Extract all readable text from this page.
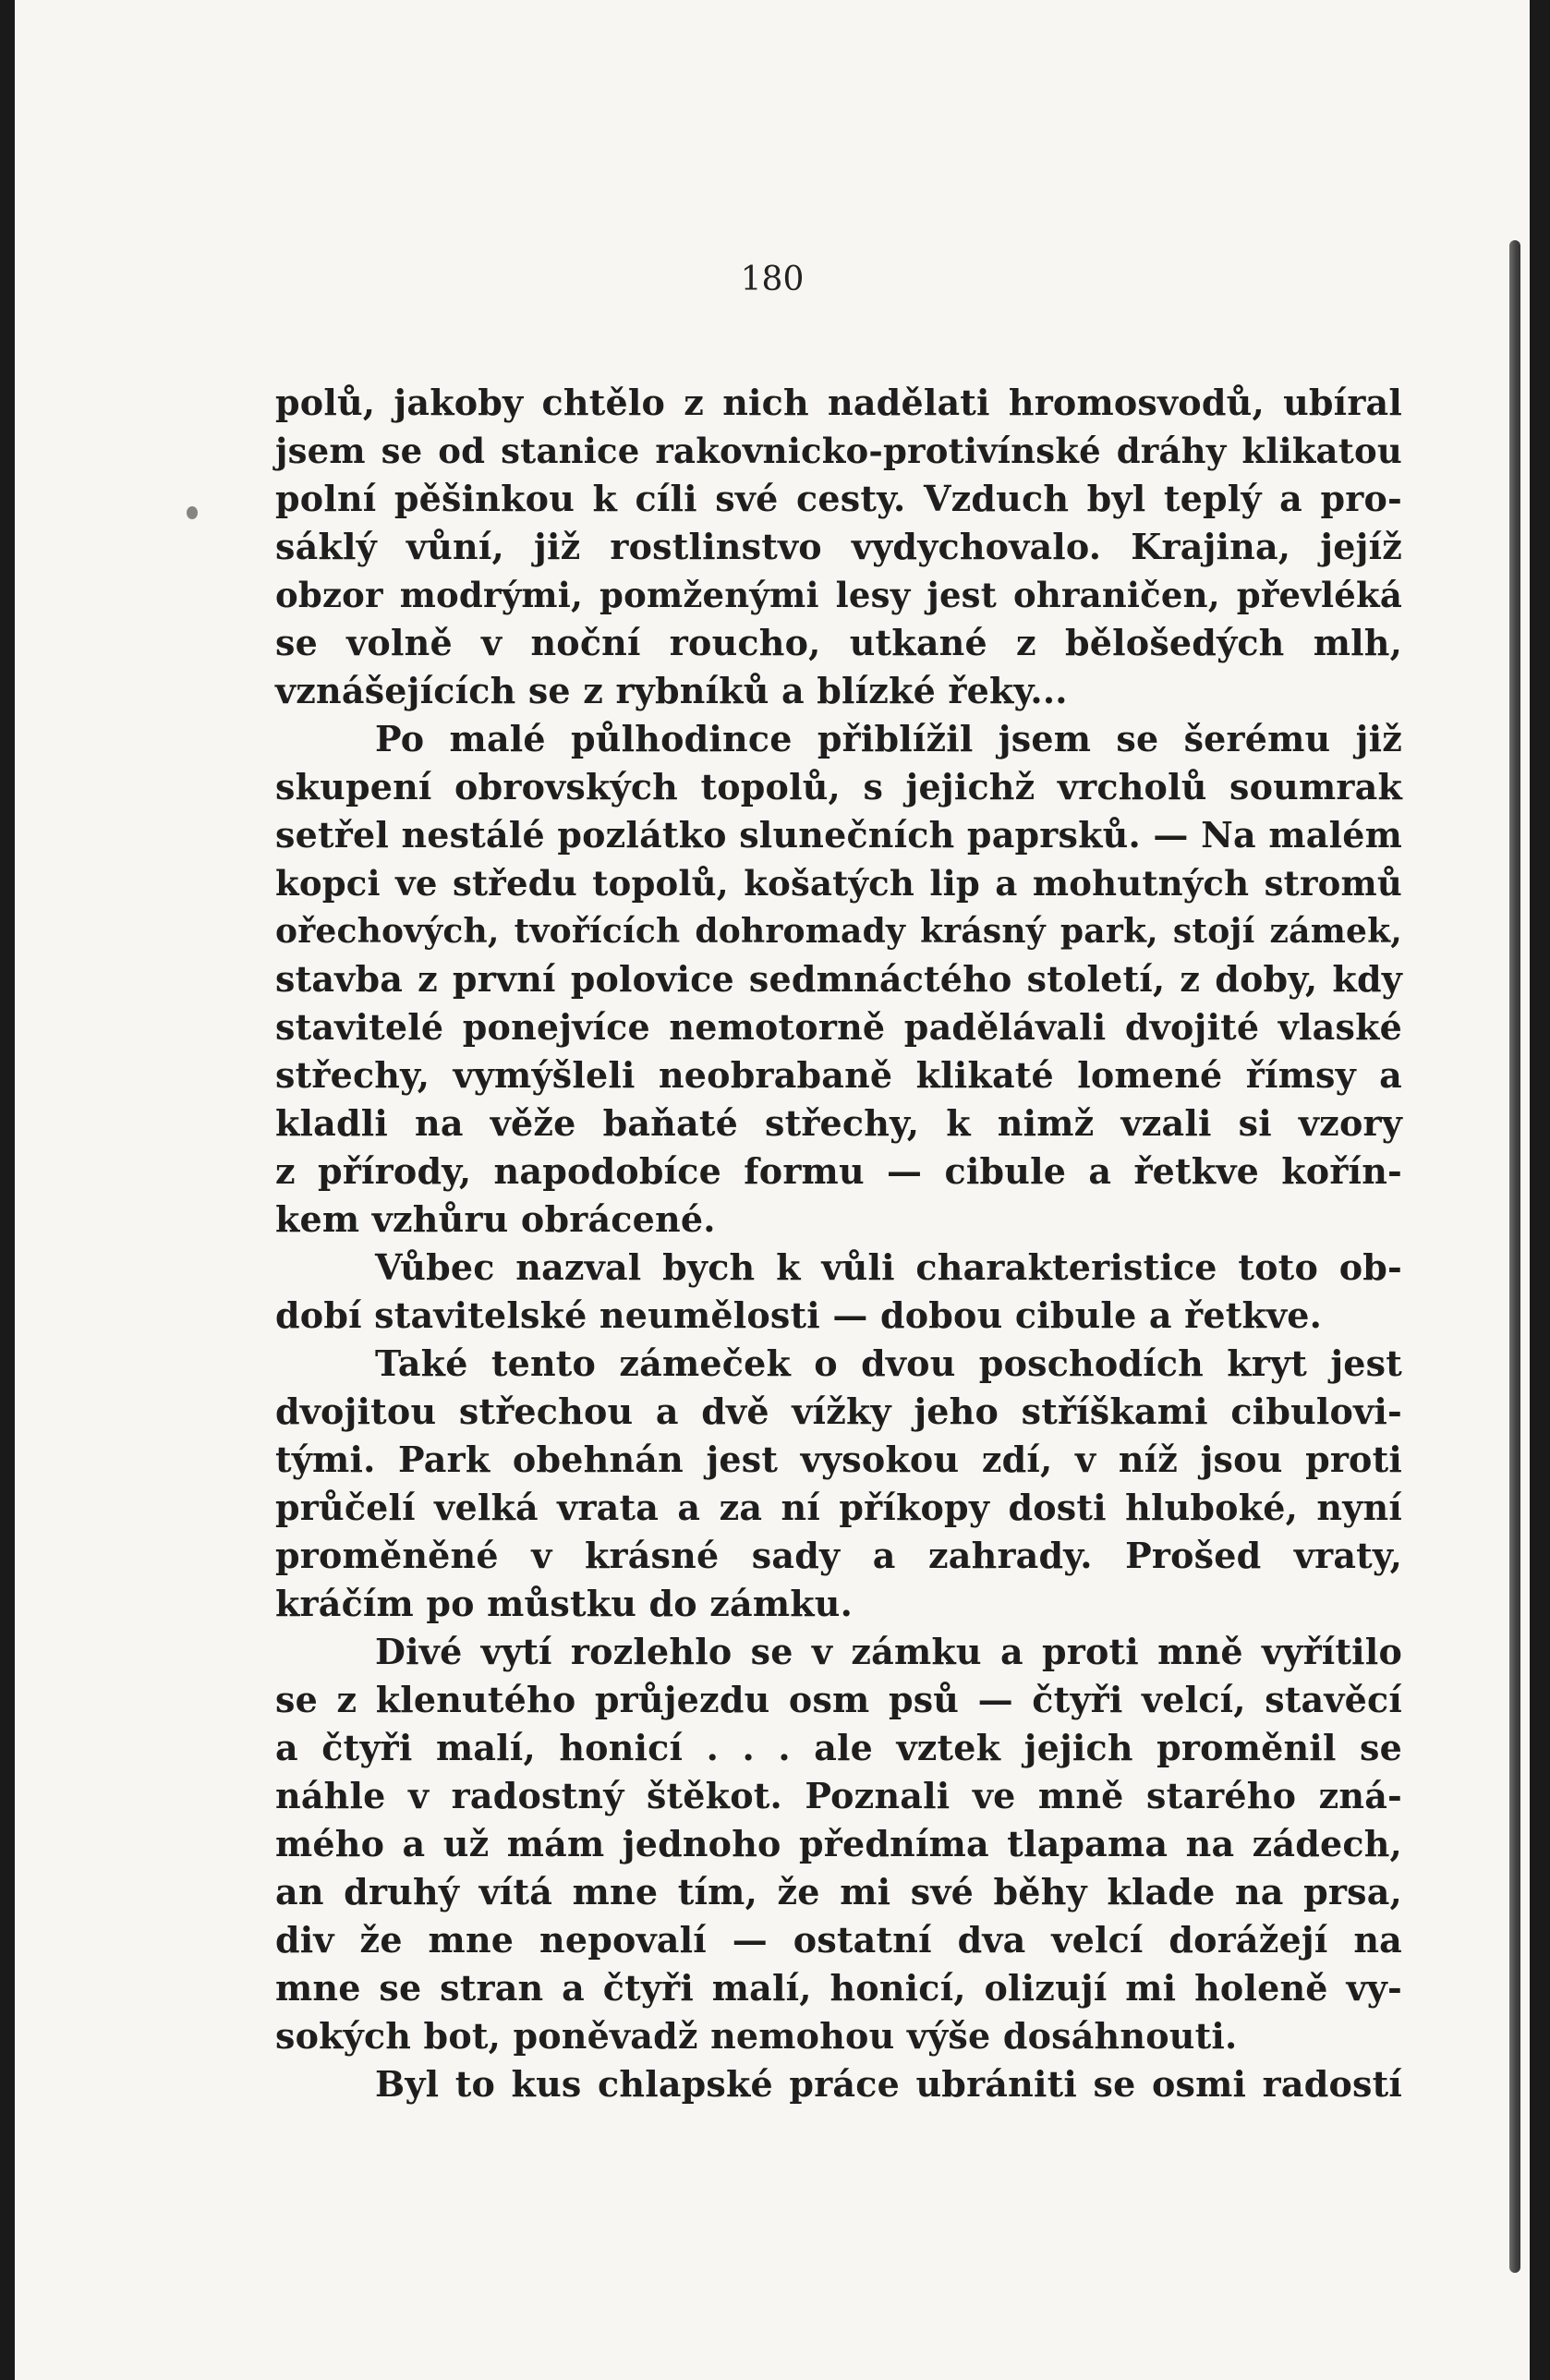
180
polů, jakoby chtělo z nich nadělati hromosvodů, ubíral
jsem se od stanice rakovnicko-protivínské dráhy klikatou
polní pěšinkou k cíli své cesty. Vzduch byl teplý a pro-
sáklý vůní, již rostlinstvo vydychovalo. Krajina, jejíž
obzor modrými, pomženými lesy jest ohraničen, převléká
se volně v noční roucho, utkané z bělošedých mlh,
vznášejících se z rybníků a blízké řeky...
Po malé půlhodince přiblížil jsem se šerému již
skupení obrovských topolů, s jejichž vrcholů soumrak
setřel nestálé pozlátko slunečních paprsků. — Na malém
kopci ve středu topolů, košatých lip a mohutných stromů
ořechových, tvořících dohromady krásný park, stojí zámek,
stavba z první polovice sedmnáctého století, z doby, kdy
stavitelé ponejvíce nemotorně padělávali dvojité vlaské
střechy, vymýšleli neobrabaně klikaté lomené římsy a
kladli na věže baňaté střechy, k nimž vzali si vzory
z přírody, napodobíce formu — cibule a řetkve kořín-
kem vzhůru obrácené.
Vůbec nazval bych k vůli charakteristice toto ob-
dobí stavitelské neumělosti — dobou cibule a řetkve.
Také tento zámeček o dvou poschodích kryt jest
dvojitou střechou a dvě vížky jeho stříškami cibulovi-
tými. Park obehnán jest vysokou zdí, v níž jsou proti
průčelí velká vrata a za ní příkopy dosti hluboké, nyní
proměněné v krásné sady a zahrady. Prošed vraty,
kráčím po můstku do zámku.
Divé vytí rozlehlo se v zámku a proti mně vyřítilo
se z klenutého průjezdu osm psů — čtyři velcí, stavěcí
a čtyři malí, honicí . . . ale vztek jejich proměnil se
náhle v radostný štěkot. Poznali ve mně starého zná-
mého a už mám jednoho předníma tlapama na zádech,
an druhý vítá mne tím, že mi své běhy klade na prsa,
div že mne nepovalí — ostatní dva velcí dorážejí na
mne se stran a čtyři malí, honicí, olizují mi holeně vy-
sokých bot, poněvadž nemohou výše dosáhnouti.
Byl to kus chlapské práce ubrániti se osmi radostí
